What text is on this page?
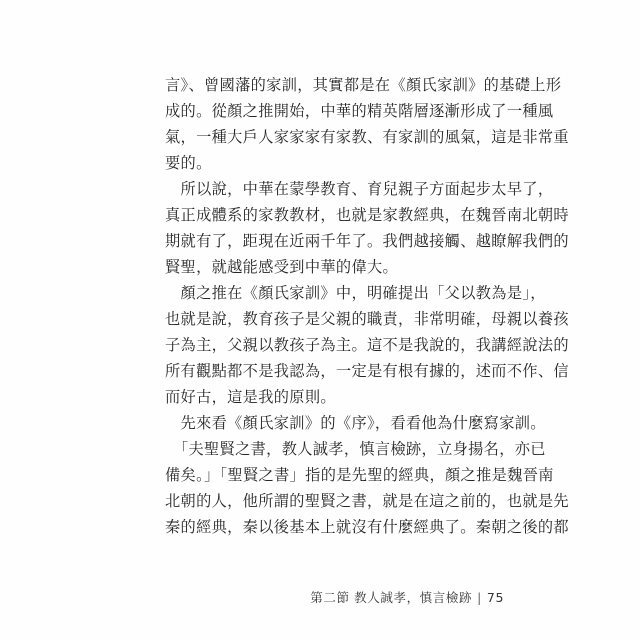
言》、曾國藩的家訓，其實都是在《顏氏家訓》的基礎上形
成的。從顏之推開始，中華的精英階層逐漸形成了一種風
氣，一種大戶人家家家有家教、有家訓的風氣，這是非常重
要的。
　所以說，中華在蒙學教育、育兒親子方面起步太早了，
真正成體系的家教教材，也就是家教經典，在魏晉南北朝時
期就有了，距現在近兩千年了。我們越接觸、越瞭解我們的
賢聖，就越能感受到中華的偉大。
　顏之推在《顏氏家訓》中，明確提出「父以教為是」，
也就是說，教育孩子是父親的職責，非常明確，母親以養孩
子為主，父親以教孩子為主。這不是我說的，我講經說法的
所有觀點都不是我認為，一定是有根有據的，述而不作、信
而好古，這是我的原則。
　先來看《顏氏家訓》的《序》，看看他為什麼寫家訓。
　「夫聖賢之書，教人誠孝，慎言檢跡，立身揚名，亦已
備矣。」「聖賢之書」指的是先聖的經典，顏之推是魏晉南
北朝的人，他所謂的聖賢之書，就是在這之前的，也就是先
秦的經典，秦以後基本上就沒有什麼經典了。秦朝之後的都
第二節 教人誠孝，慎言檢跡 | 75
